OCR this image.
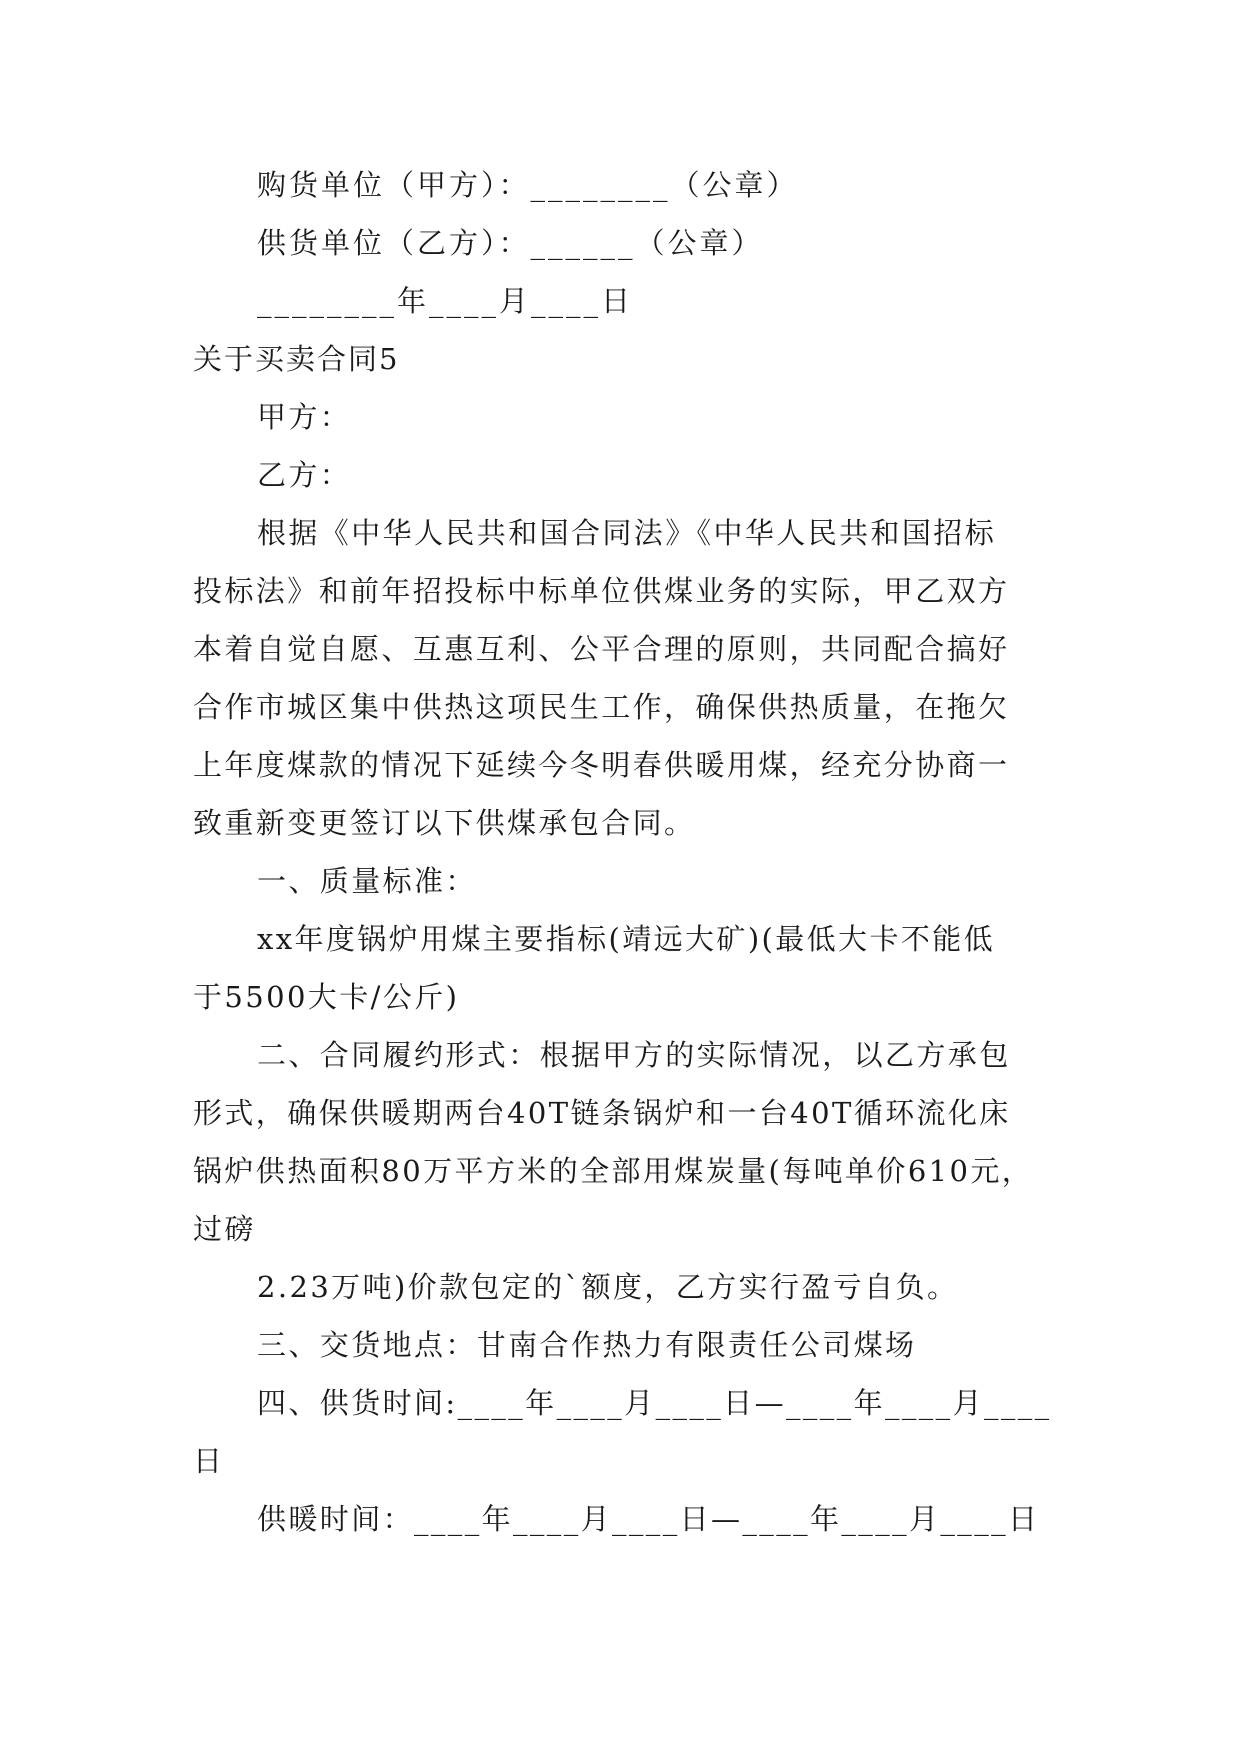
购货单位（甲方）：________（公章）
供货单位（乙方）：______（公章）
________年____月____日
关于买卖合同5
甲方：
乙方：
根据《中华人民共和国合同法》《中华人民共和国招标
投标法》和前年招投标中标单位供煤业务的实际，甲乙双方
本着自觉自愿、互惠互利、公平合理的原则，共同配合搞好
合作市城区集中供热这项民生工作，确保供热质量，在拖欠
上年度煤款的情况下延续今冬明春供暖用煤，经充分协商一
致重新变更签订以下供煤承包合同。
一、质量标准：
xx年度锅炉用煤主要指标(靖远大矿)(最低大卡不能低
于5500大卡/公斤)
二、合同履约形式：根据甲方的实际情况，以乙方承包
形式，确保供暖期两台40T链条锅炉和一台40T循环流化床
锅炉供热面积80万平方米的全部用煤炭量(每吨单价610元，
过磅
2.23万吨)价款包定的`额度，乙方实行盈亏自负。
三、交货地点：甘南合作热力有限责任公司煤场
四、供货时间:____年____月____日—____年____月____
日
供暖时间：____年____月____日—____年____月____日
